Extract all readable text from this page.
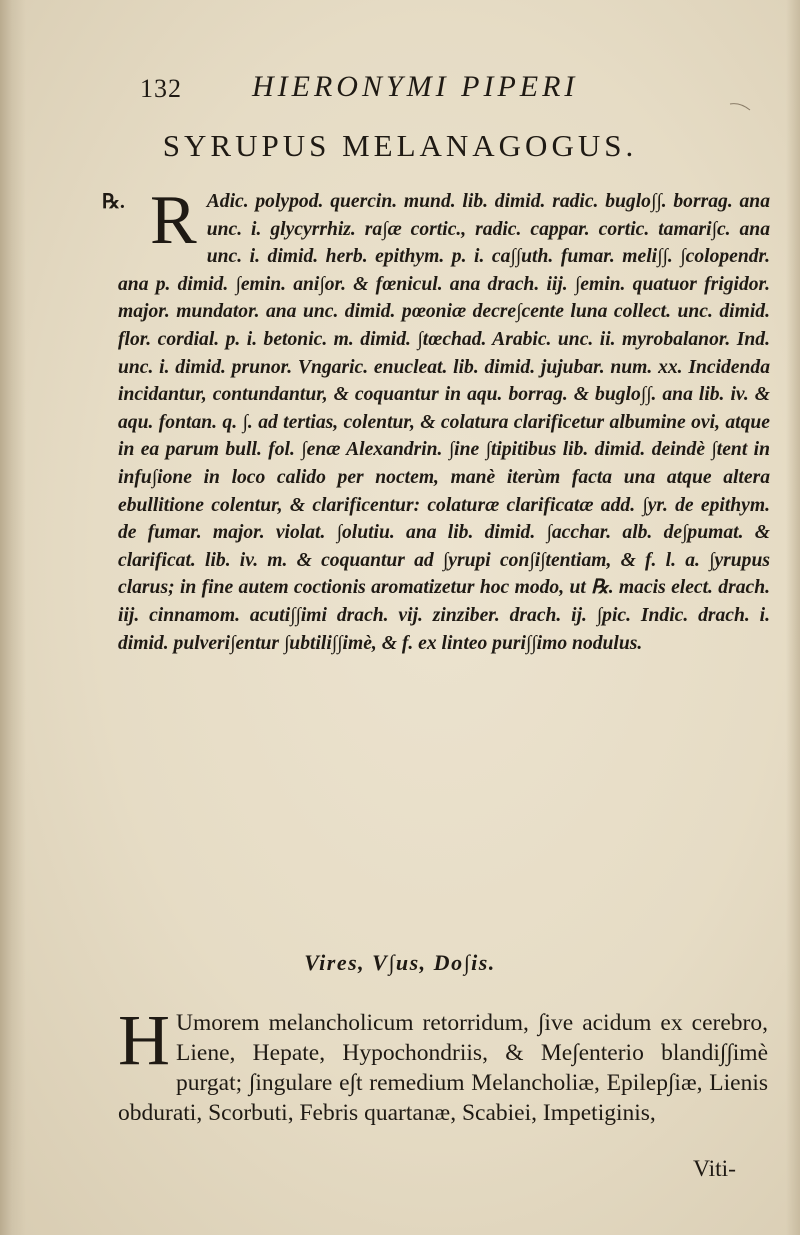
132 HIERONYMI PIPERI
SYRUPUS MELANAGOGUS.
℞. R Adic. polypod. quercin. mund. lib. dimid. radic. buglo∫∫. borrag. ana unc. i. glycyrrhiz. ra∫æ cortic., radic. cappar. cortic. tamari∫c. ana unc. i. dimid. herb. epithym. p. i. ca∫∫uth. fumar. meli∫∫. ∫colopendr. ana p. dimid. ∫emin. ani∫or. & fœnicul. ana drach. iij. ∫emin. quatuor frigidor. major. mundator. ana unc. dimid. pœoniæ decre∫cente luna collect. unc. dimid. flor. cordial. p. i. betonic. m. dimid. ∫tœchad. Arabic. unc. ii. myrobalanor. Ind. unc. i. dimid. prunor. Vngaric. enucleat. lib. dimid. jujubar. num. xx. Incidenda incidantur, contundantur, & coquantur in aqu. borrag. & buglo∫∫. ana lib. iv. & aqu. fontan. q. ∫. ad tertias, colentur, & colatura clarificetur albumine ovi, atque in ea parum bull. fol. ∫enæ Alexandrin. ∫ine ∫tipitibus lib. dimid. deindè ∫tent in infu∫ione in loco calido per noctem, manè iterùm facta una atque altera ebullitione colentur, & clarificentur: colaturæ clarificatæ add. ∫yr. de epithym. de fumar. major. violat. ∫olutiu. ana lib. dimid. ∫acchar. alb. de∫pumat. & clarificat. lib. iv. m. & coquantur ad ∫yrupi con∫i∫tentiam, & f. l. a. ∫yrupus clarus; in fine autem coctionis aromatizetur hoc modo, ut ℞. macis elect. drach. iij. cinnamom. acuti∫∫imi drach. vij. zinziber. drach. ij. ∫pic. Indic. drach. i. dimid. pulveri∫entur ∫ubtili∫∫imè, & f. ex linteo puri∫∫imo nodulus.
Vires, V∫us, Do∫is.
H Umorem melancholicum retorridum, ∫ive acidum ex cerebro, Liene, Hepate, Hypochondriis, & Me∫enterio blandi∫∫imè purgat; ∫ingulare e∫t remedium Melancholiæ, Epilep∫iæ, Lienis obdurati, Scorbuti, Febris quartanæ, Scabiei, Impetiginis,
Viti-
